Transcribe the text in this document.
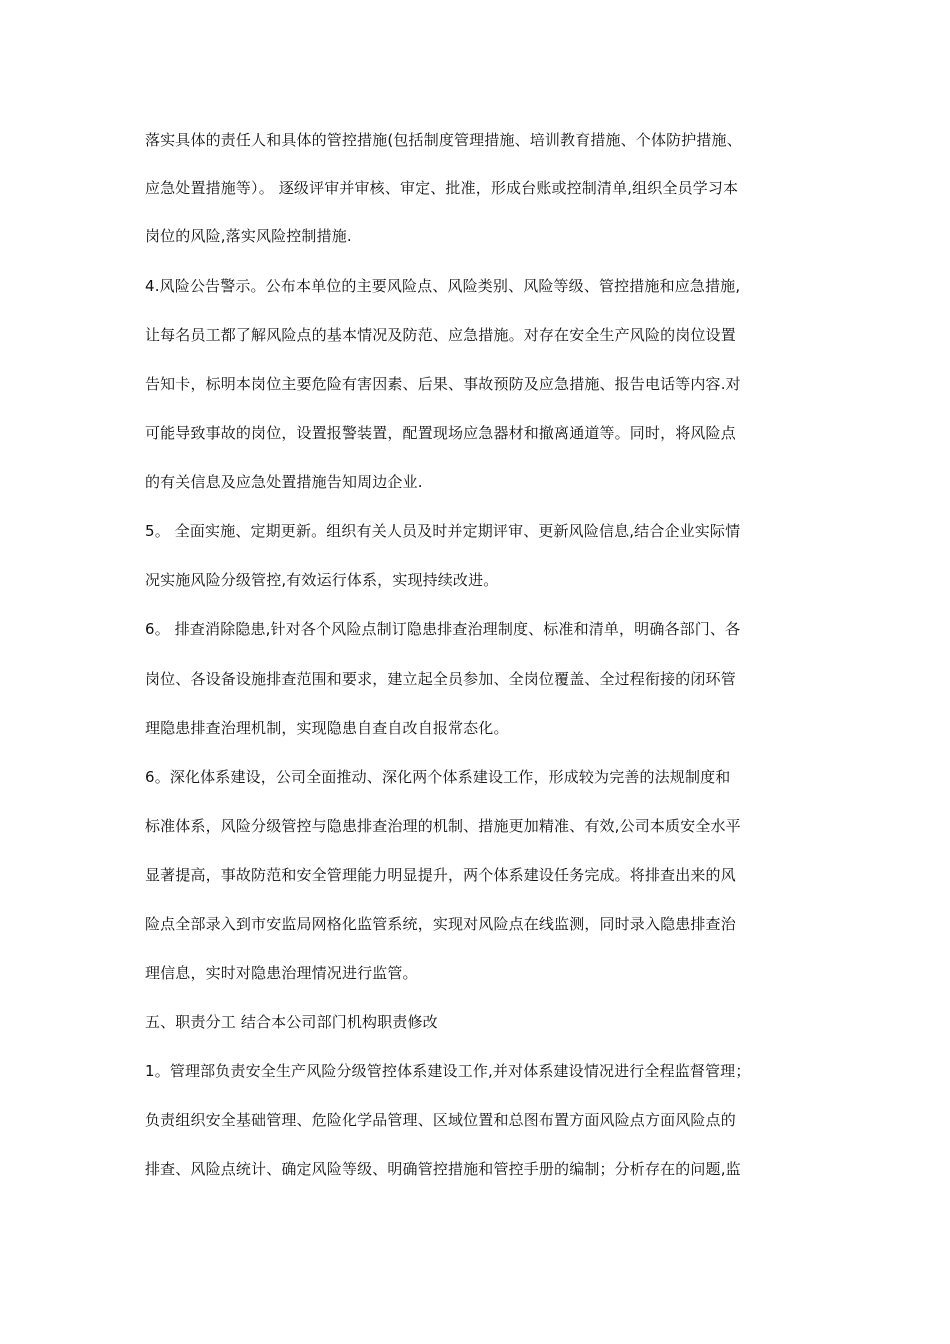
落实具体的责任人和具体的管控措施(包括制度管理措施、培训教育措施、个体防护措施、
应急处置措施等）。 逐级评审并审核、审定、批准，形成台账或控制清单,组织全员学习本
岗位的风险,落实风险控制措施.
4.风险公告警示。公布本单位的主要风险点、风险类别、风险等级、管控措施和应急措施,
让每名员工都了解风险点的基本情况及防范、应急措施。对存在安全生产风险的岗位设置
告知卡，标明本岗位主要危险有害因素、后果、事故预防及应急措施、报告电话等内容.对
可能导致事故的岗位，设置报警装置，配置现场应急器材和撤离通道等。同时，将风险点
的有关信息及应急处置措施告知周边企业.
5。 全面实施、定期更新。组织有关人员及时并定期评审、更新风险信息,结合企业实际情
况实施风险分级管控,有效运行体系，实现持续改进。
6。 排查消除隐患,针对各个风险点制订隐患排查治理制度、标准和清单，明确各部门、各
岗位、各设备设施排查范围和要求，建立起全员参加、全岗位覆盖、全过程衔接的闭环管
理隐患排查治理机制，实现隐患自查自改自报常态化。
6。深化体系建设，公司全面推动、深化两个体系建设工作，形成较为完善的法规制度和
标准体系，风险分级管控与隐患排查治理的机制、措施更加精准、有效,公司本质安全水平
显著提高，事故防范和安全管理能力明显提升，两个体系建设任务完成。将排查出来的风
险点全部录入到市安监局网格化监管系统，实现对风险点在线监测，同时录入隐患排查治
理信息，实时对隐患治理情况进行监管。
五、职责分工 结合本公司部门机构职责修改
1。管理部负责安全生产风险分级管控体系建设工作,并对体系建设情况进行全程监督管理；
负责组织安全基础管理、危险化学品管理、区域位置和总图布置方面风险点方面风险点的
排查、风险点统计、确定风险等级、明确管控措施和管控手册的编制；分析存在的问题,监
